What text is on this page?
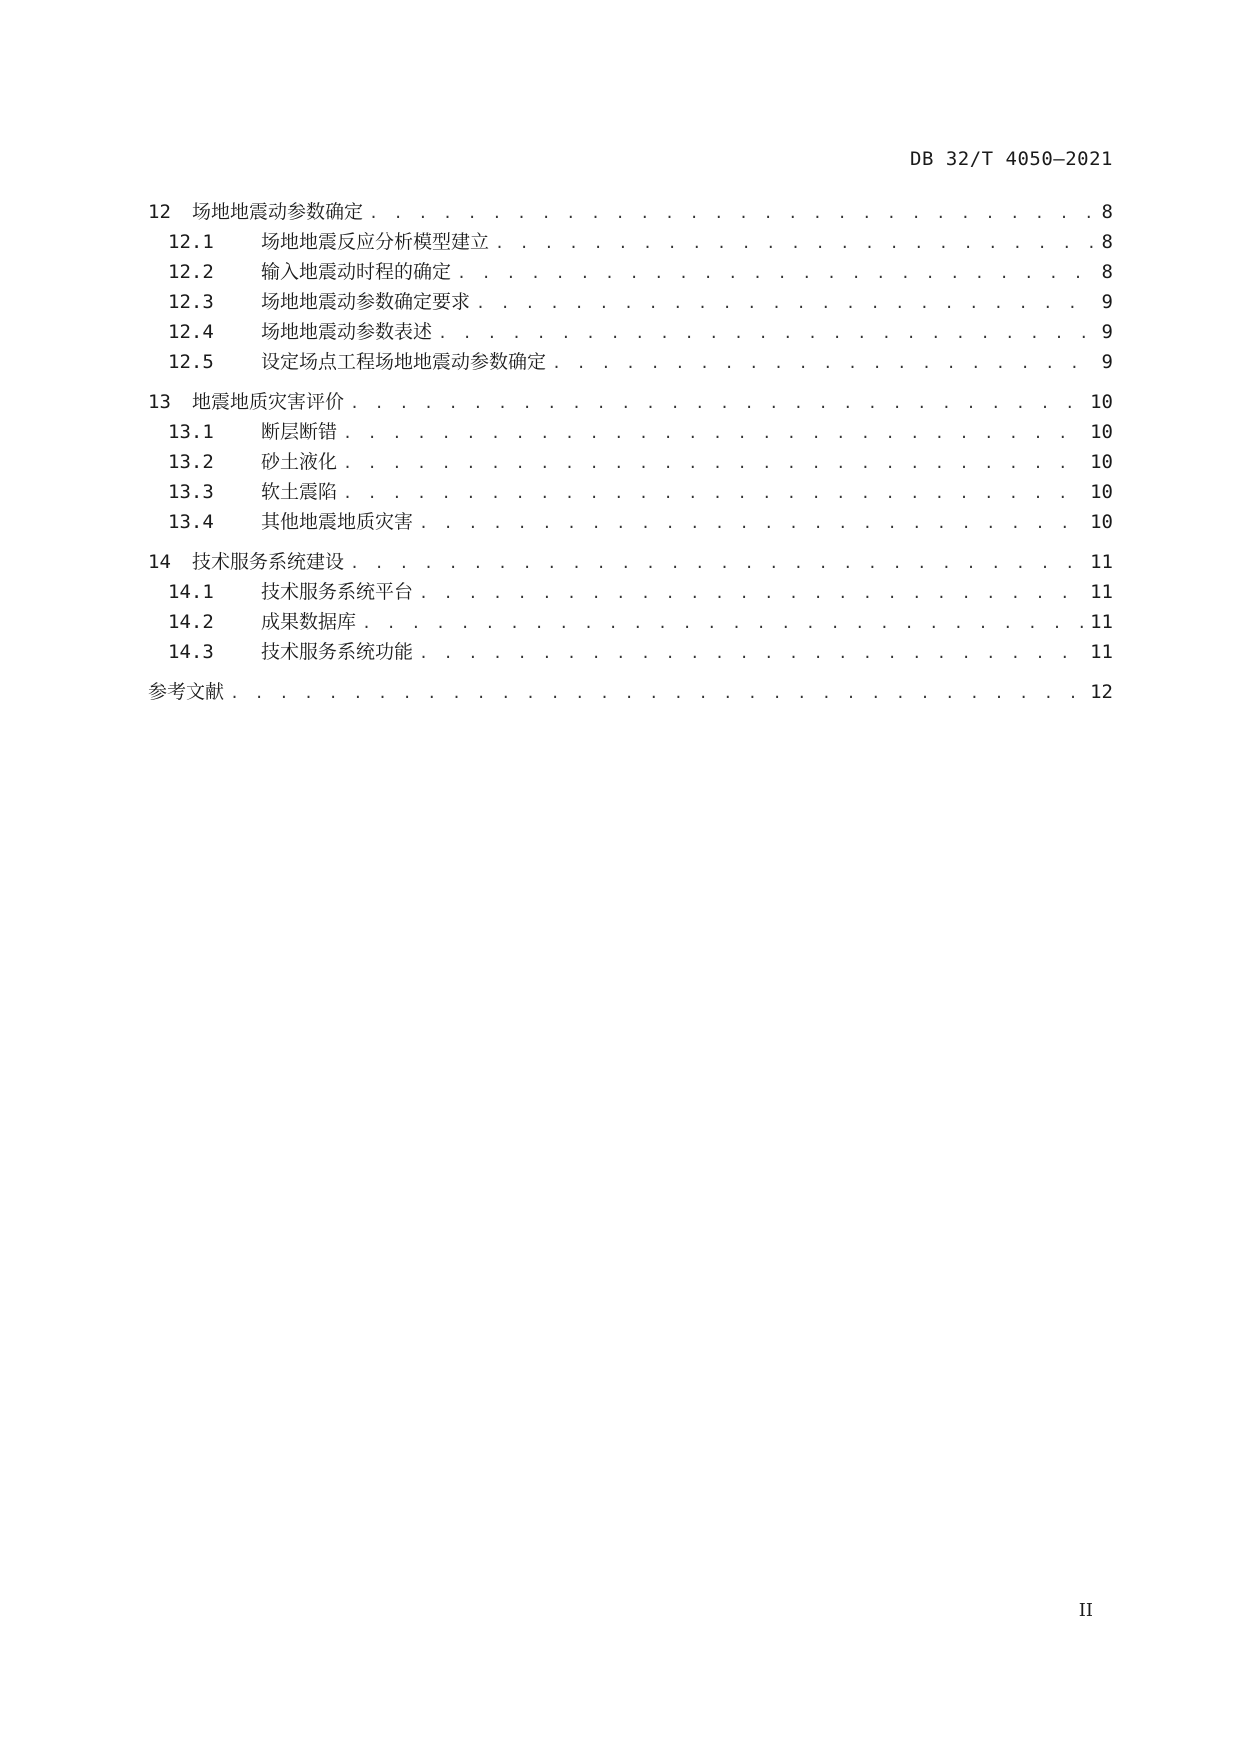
DB 32/T 4050—2021
12	场地地震动参数确定 . . .	8
12.1	场地地震反应分析模型建立 . . .	8
12.2	输入地震动时程的确定 . . .	8
12.3	场地地震动参数确定要求 . . .	9
12.4	场地地震动参数表述 . . .	9
12.5	设定场点工程场地地震动参数确定 . . .	9
13	地震地质灾害评价 . . .	10
13.1	断层断错 . . .	10
13.2	砂土液化 . . .	10
13.3	软土震陷 . . .	10
13.4	其他地震地质灾害 . . .	10
14	技术服务系统建设 . . .	11
14.1	技术服务系统平台 . . .	11
14.2	成果数据库 . . .	11
14.3	技术服务系统功能 . . .	11
参考文献 . . .	12
II
